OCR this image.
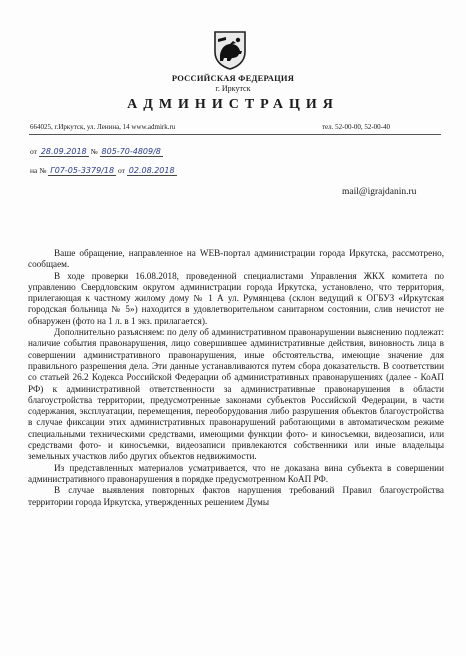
РОССИЙСКАЯ ФЕДЕРАЦИЯ
г. Иркутск
АДМИНИСТРАЦИЯ
664025, г.Иркутск, ул. Ленина, 14 www.admirk.ru	тел. 52-00-00, 52-00-40
от 28.09.2018 № 805-70-4809/8
на № Г07-05-3379/18 от 02.08.2018
mail@igrajdanin.ru

Ваше обращение, направленное на WEB-портал администрации города Иркутска, рассмотрено, сообщаем.

В ходе проверки 16.08.2018, проведенной специалистами Управления ЖКХ комитета по управлению Свердловским округом администрации города Иркутска, установлено, что территория, прилегающая к частному жилому дому № 1 А ул. Румянцева (склон ведущий к ОГБУЗ «Иркутская городская больница № 5») находится в удовлетворительном санитарном состоянии, слив нечистот не обнаружен (фото на 1 л. в 1 экз. прилагается).

Дополнительно разъясняем: по делу об административном правонарушении выяснению подлежат: наличие события правонарушения, лицо совершившее административные действия, виновность лица в совершении административного правонарушения, иные обстоятельства, имеющие значение для правильного разрешения дела. Эти данные устанавливаются путем сбора доказательств. В соответствии со статьей 26.2 Кодекса Российской Федерации об административных правонарушениях (далее - КоАП РФ) к административной ответственности за административные правонарушения в области благоустройства территории, предусмотренные законами субъектов Российской Федерации, в части содержания, эксплуатации, перемещения, переоборудования либо разрушения объектов благоустройства в случае фиксации этих административных правонарушений работающими в автоматическом режиме специальными техническими средствами, имеющими функции фото- и киносъемки, видеозаписи, или средствами фото- и киносъемки, видеозаписи привлекаются собственники или иные владельцы земельных участков либо других объектов недвижимости.

Из представленных материалов усматривается, что не доказана вина субъекта в совершении административного правонарушения в порядке предусмотренном КоАП РФ.

В случае выявления повторных фактов нарушения требований Правил благоустройства территории города Иркутска, утвержденных решением Думы
